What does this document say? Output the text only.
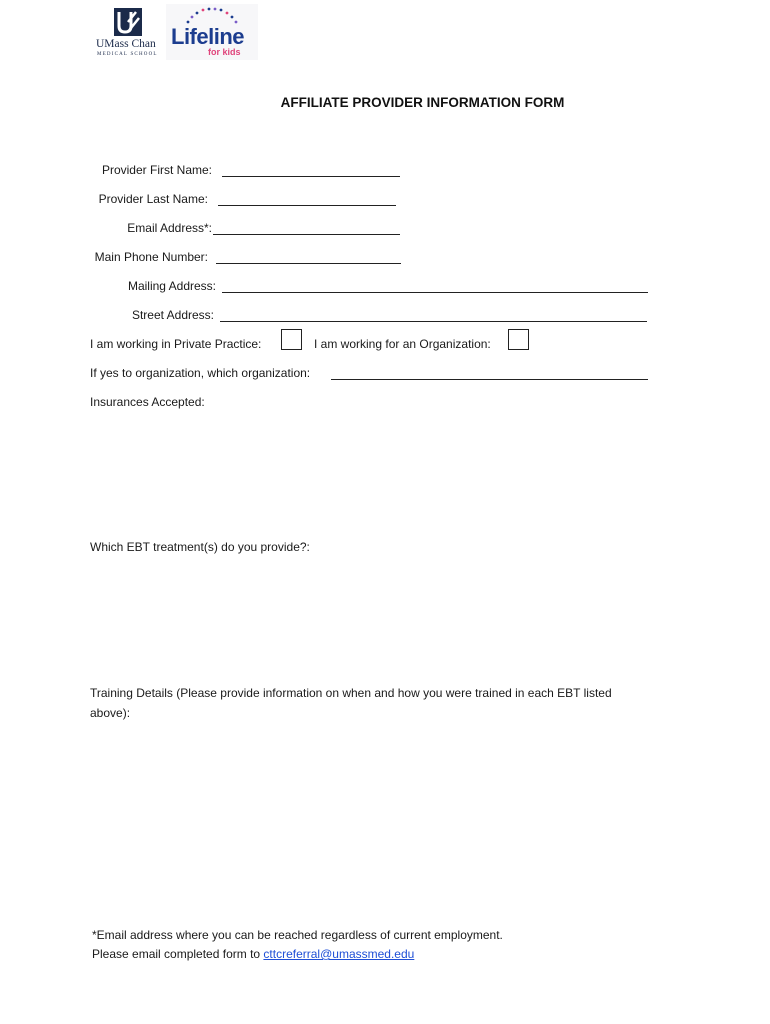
UMass Chan
MEDICAL SCHOOL
Lifeline
for kids
AFFILIATE PROVIDER INFORMATION FORM
Provider First Name:
Provider Last Name:
Email Address*:
Main Phone Number:
Mailing Address:
Street Address:
I am working in Private Practice:	I am working for an Organization:
If yes to organization, which organization:
Insurances Accepted:
Which EBT treatment(s) do you provide?:
Training Details (Please provide information on when and how you were trained in each EBT listed
above):
*Email address where you can be reached regardless of current employment.
Please email completed form to cttcreferral@umassmed.edu
